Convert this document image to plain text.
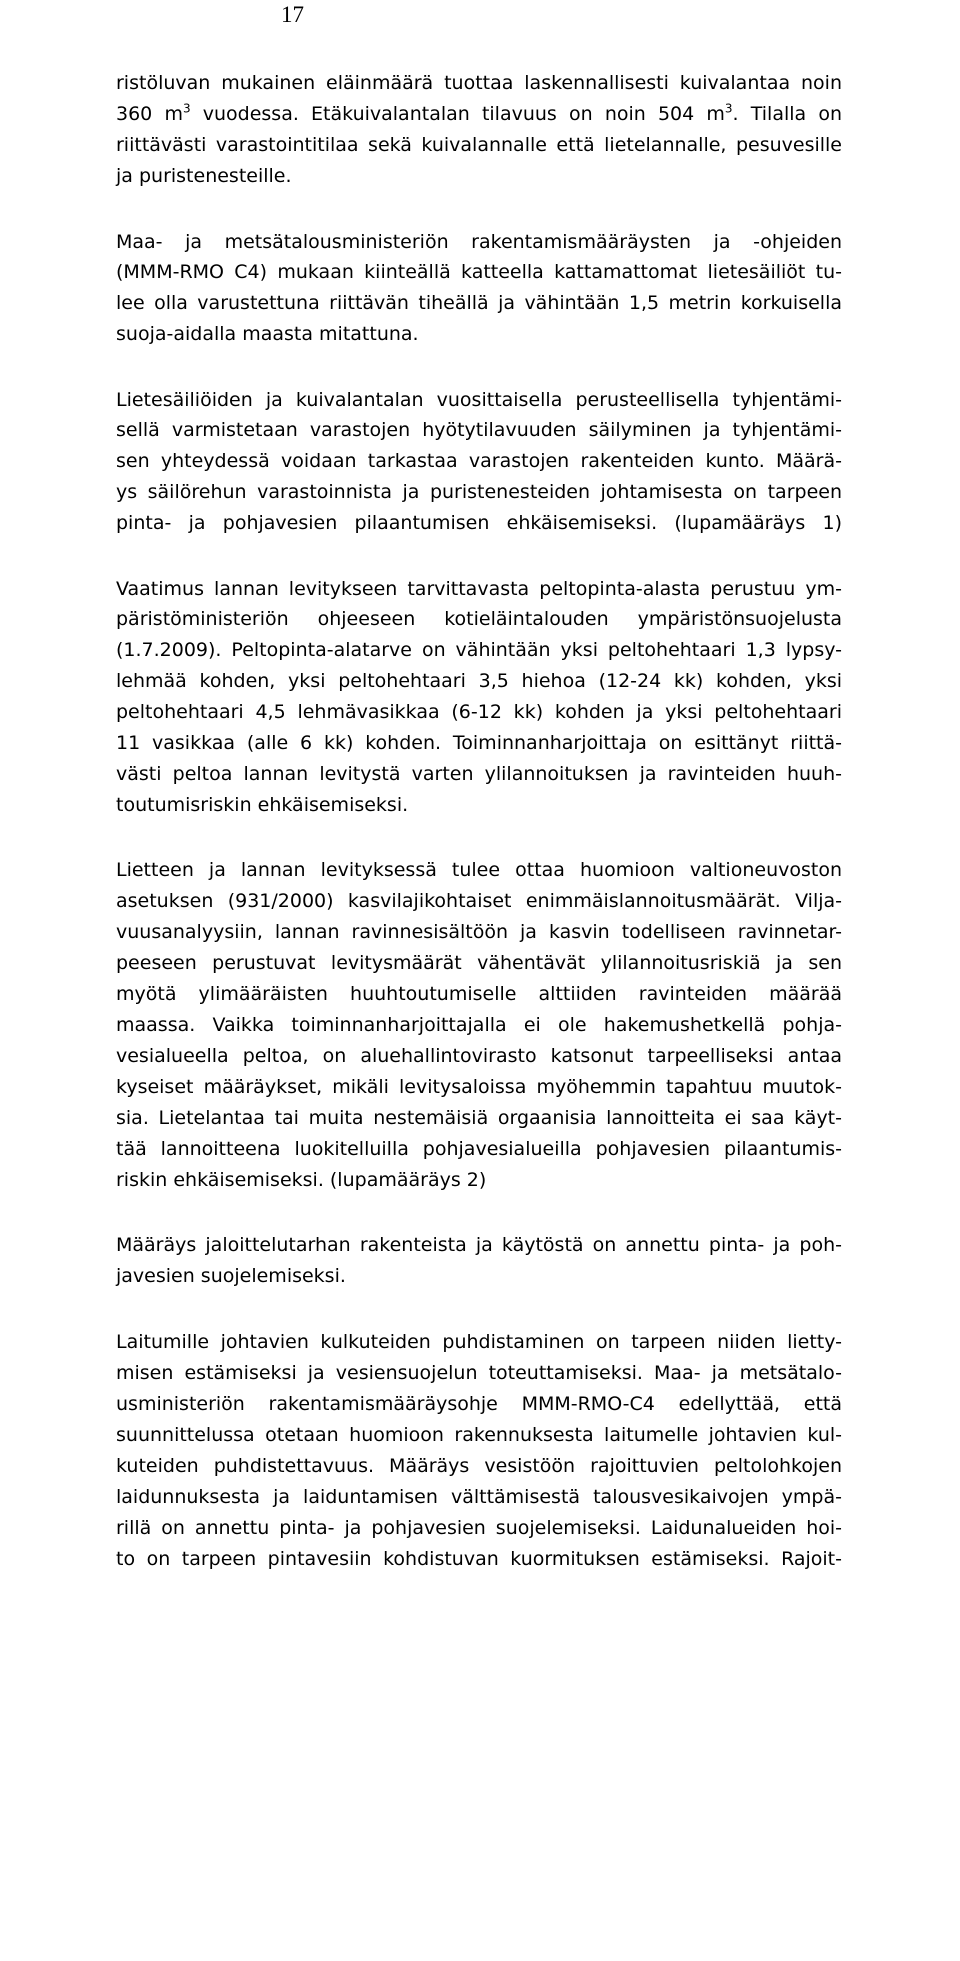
17
ristöluvan mukainen eläinmäärä tuottaa laskennallisesti kuivalantaa noin
360 $m^3$ vuodessa. Etäkuivalantalan tilavuus on noin 504 $m^3$. Tilalla on
riittävästi varastointitilaa sekä kuivalannalle että lietelannalle, pesuvesille
ja puristenesteille.
Maa- ja metsätalousministeriön rakentamismääräysten ja -ohjeiden
(MMM-RMO C4) mukaan kiinteällä katteella kattamattomat lietesäiliöt tu-
lee olla varustettuna riittävän tiheällä ja vähintään 1,5 metrin korkuisella
suoja-aidalla maasta mitattuna.
Lietesäiliöiden ja kuivalantalan vuosittaisella perusteellisella tyhjentämi-
sellä varmistetaan varastojen hyötytilavuuden säilyminen ja tyhjentämi-
sen yhteydessä voidaan tarkastaa varastojen rakenteiden kunto. Määrä-
ys säilörehun varastoinnista ja puristenesteiden johtamisesta on tarpeen
pinta- ja pohjavesien pilaantumisen ehkäisemiseksi. (lupamääräys 1)
Vaatimus lannan levitykseen tarvittavasta peltopinta-alasta perustuu ym-
päristöministeriön ohjeeseen kotieläintalouden ympäristönsuojelusta
(1.7.2009). Peltopinta-alatarve on vähintään yksi peltohehtaari 1,3 lypsy-
lehmää kohden, yksi peltohehtaari 3,5 hiehoa (12-24 kk) kohden, yksi
peltohehtaari 4,5 lehmävasikkaa (6-12 kk) kohden ja yksi peltohehtaari
11 vasikkaa (alle 6 kk) kohden. Toiminnanharjoittaja on esittänyt riittä-
västi peltoa lannan levitystä varten ylilannoituksen ja ravinteiden huuh-
toutumisriskin ehkäisemiseksi.
Lietteen ja lannan levityksessä tulee ottaa huomioon valtioneuvoston
asetuksen (931/2000) kasvilajikohtaiset enimmäislannoitusmäärät. Vilja-
vuusanalyysiin, lannan ravinnesisältöön ja kasvin todelliseen ravinnetar-
peeseen perustuvat levitysmäärät vähentävät ylilannoitusriskiä ja sen
myötä ylimääräisten huuhtoutumiselle alttiiden ravinteiden määrää
maassa. Vaikka toiminnanharjoittajalla ei ole hakemushetkellä pohja-
vesialueella peltoa, on aluehallintovirasto katsonut tarpeelliseksi antaa
kyseiset määräykset, mikäli levitysaloissa myöhemmin tapahtuu muutok-
sia. Lietelantaa tai muita nestemäisiä orgaanisia lannoitteita ei saa käyt-
tää lannoitteena luokitelluilla pohjavesialueilla pohjavesien pilaantumis-
riskin ehkäisemiseksi. (lupamääräys 2)
Määräys jaloittelutarhan rakenteista ja käytöstä on annettu pinta- ja poh-
javesien suojelemiseksi.
Laitumille johtavien kulkuteiden puhdistaminen on tarpeen niiden lietty-
misen estämiseksi ja vesiensuojelun toteuttamiseksi. Maa- ja metsätalo-
usministeriön rakentamismääräysohje MMM-RMO-C4 edellyttää, että
suunnittelussa otetaan huomioon rakennuksesta laitumelle johtavien kul-
kuteiden puhdistettavuus. Määräys vesistöön rajoittuvien peltolohkojen
laidunnuksesta ja laiduntamisen välttämisestä talousvesikaivojen ympä-
rillä on annettu pinta- ja pohjavesien suojelemiseksi. Laidunalueiden hoi-
to on tarpeen pintavesiin kohdistuvan kuormituksen estämiseksi. Rajoit-
